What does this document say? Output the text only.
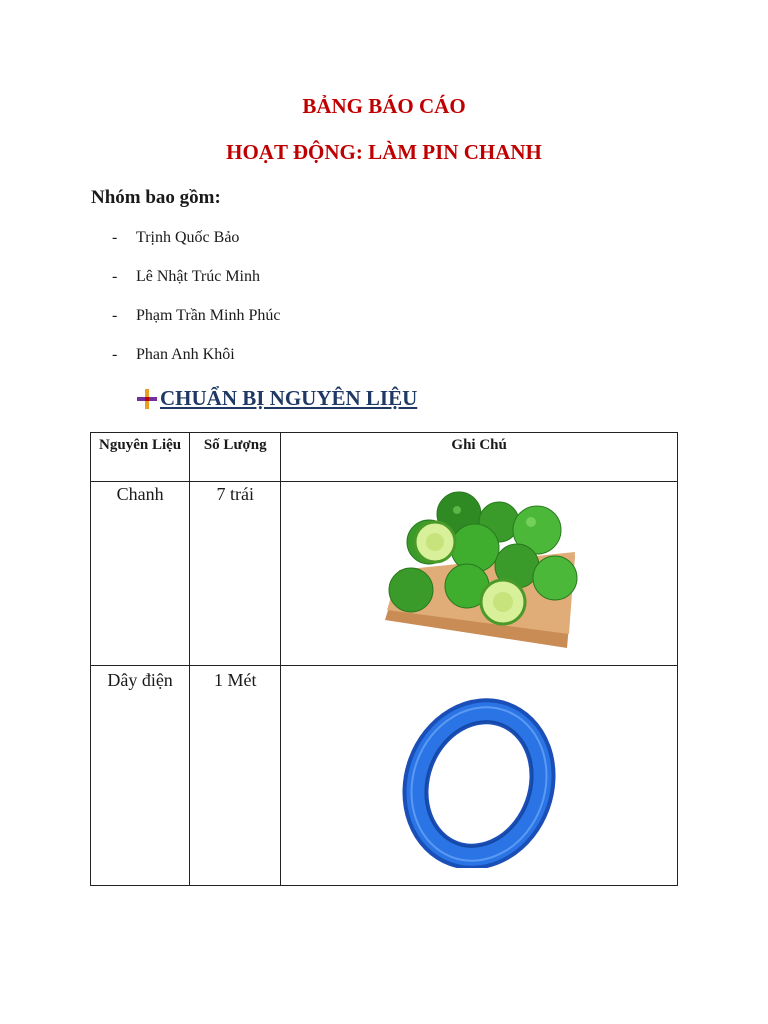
BẢNG BÁO CÁO
HOẠT ĐỘNG: LÀM PIN CHANH

Nhóm bao gồm:

-	Trịnh Quốc Bảo
-	Lê Nhật Trúc Minh
-	Phạm Trần Minh Phúc
-	Phan Anh Khôi
CHUẨN BỊ NGUYÊN LIỆU
Nguyên Liệu	Số Lượng	Ghi Chú

Chanh	7 trái

Dây điện	1 Mét
